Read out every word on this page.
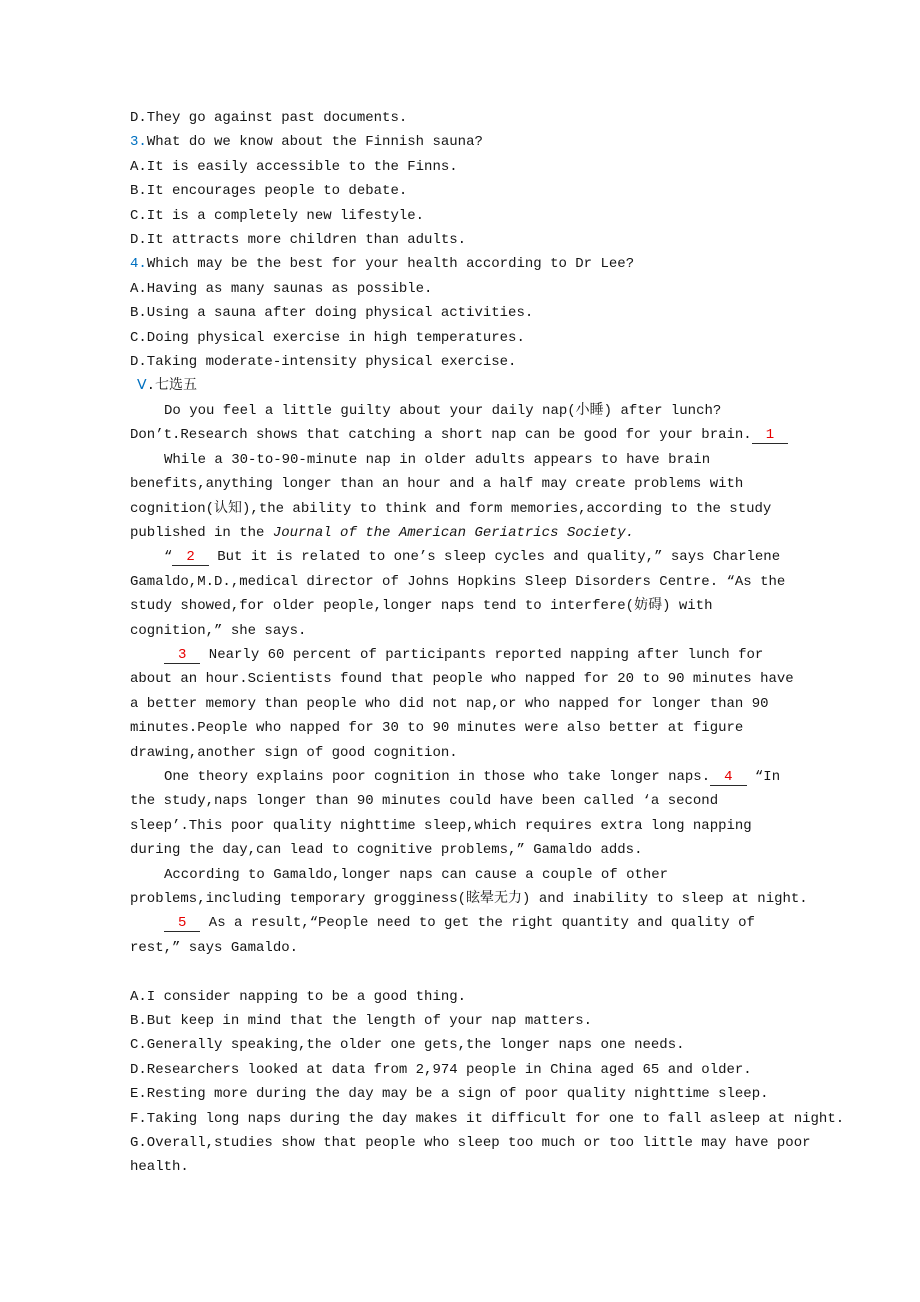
D.They go against past documents.
3.What do we know about the Finnish sauna?
A.It is easily accessible to the Finns.
B.It encourages people to debate.
C.It is a completely new lifestyle.
D.It attracts more children than adults.
4.Which may be the best for your health according to Dr Lee?
A.Having as many saunas as possible.
B.Using a sauna after doing physical activities.
C.Doing physical exercise in high temperatures.
D.Taking moderate-intensity physical exercise.
Ⅴ.七选五

Do you feel a little guilty about your daily nap(小睡) after lunch?Don’t.Research shows that catching a short nap can be good for your brain. 1

While a 30-to-90-minute nap in older adults appears to have brain benefits,anything longer than an hour and a half may create problems with cognition(认知),the ability to think and form memories,according to the study published in the Journal of the American Geriatrics Society.

“ 2 But it is related to one’s sleep cycles and quality,” says Charlene Gamaldo,M.D.,medical director of Johns Hopkins Sleep Disorders Centre. “As the study showed,for older people,longer naps tend to interfere(妨碍) with cognition,” she says.

3 Nearly 60 percent of participants reported napping after lunch for about an hour.Scientists found that people who napped for 20 to 90 minutes have a better memory than people who did not nap,or who napped for longer than 90 minutes.People who napped for 30 to 90 minutes were also better at figure drawing,another sign of good cognition.

One theory explains poor cognition in those who take longer naps. 4 “In the study,naps longer than 90 minutes could have been called ‘a second sleep’.This poor quality nighttime sleep,which requires extra long napping during the day,can lead to cognitive problems,” Gamaldo adds.

According to Gamaldo,longer naps can cause a couple of other problems,including temporary grogginess(眩晕无力) and inability to sleep at night.

5 As a result,“People need to get the right quantity and quality of rest,” says Gamaldo.

A.I consider napping to be a good thing.
B.But keep in mind that the length of your nap matters.
C.Generally speaking,the older one gets,the longer naps one needs.
D.Researchers looked at data from 2,974 people in China aged 65 and older.
E.Resting more during the day may be a sign of poor quality nighttime sleep.
F.Taking long naps during the day makes it difficult for one to fall asleep at night.
G.Overall,studies show that people who sleep too much or too little may have poor health.
